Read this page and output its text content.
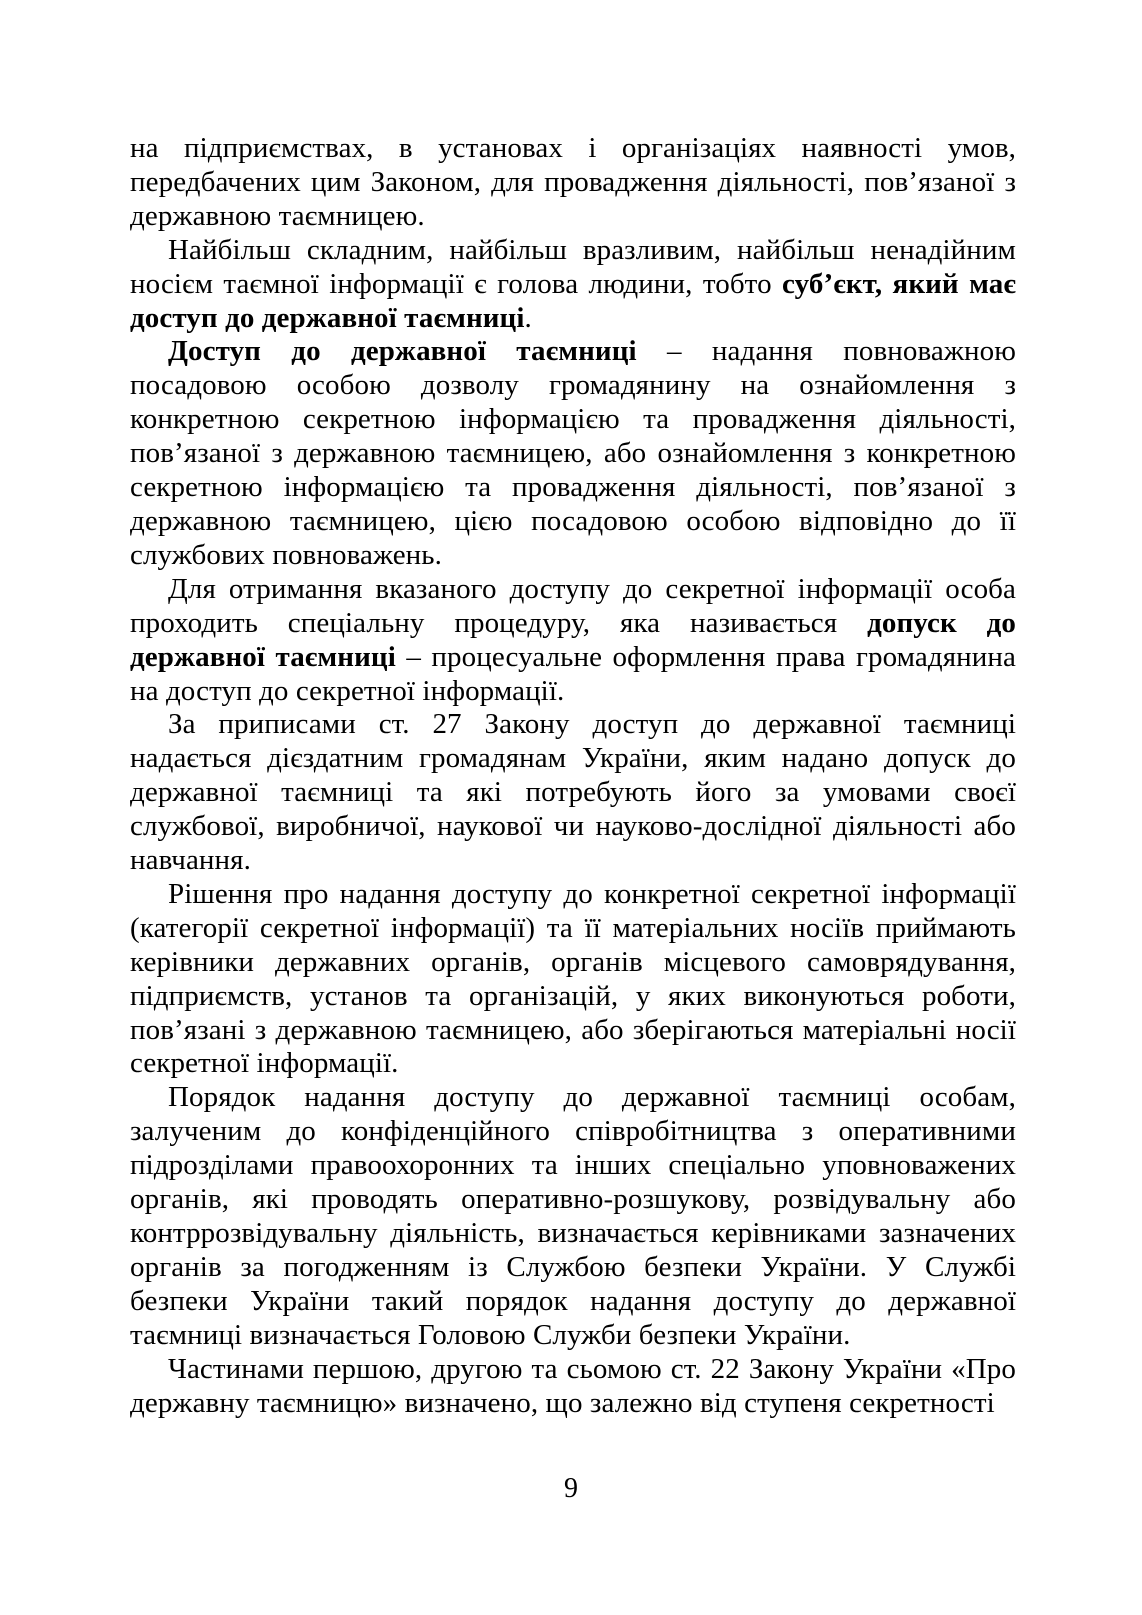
на підприємствах, в установах і організаціях наявності умов, передбачених цим Законом, для провадження діяльності, пов’язаної з державною таємницею.

Найбільш складним, найбільш вразливим, найбільш ненадійним носієм таємної інформації є голова людини, тобто суб’єкт, який має доступ до державної таємниці.

Доступ до державної таємниці – надання повноважною посадовою особою дозволу громадянину на ознайомлення з конкретною секретною інформацією та провадження діяльності, пов’язаної з державною таємницею, або ознайомлення з конкретною секретною інформацією та провадження діяльності, пов’язаної з державною таємницею, цією посадовою особою відповідно до її службових повноважень.

Для отримання вказаного доступу до секретної інформації особа проходить спеціальну процедуру, яка називається допуск до державної таємниці – процесуальне оформлення права громадянина на доступ до секретної інформації.

За приписами ст. 27 Закону доступ до державної таємниці надається дієздатним громадянам України, яким надано допуск до державної таємниці та які потребують його за умовами своєї службової, виробничої, наукової чи науково-дослідної діяльності або навчання.

Рішення про надання доступу до конкретної секретної інформації (категорії секретної інформації) та її матеріальних носіїв приймають керівники державних органів, органів місцевого самоврядування, підприємств, установ та організацій, у яких виконуються роботи, пов’язані з державною таємницею, або зберігаються матеріальні носії секретної інформації.

Порядок надання доступу до державної таємниці особам, залученим до конфіденційного співробітництва з оперативними підрозділами правоохоронних та інших спеціально уповноважених органів, які проводять оперативно-розшукову, розвідувальну або контррозвідувальну діяльність, визначається керівниками зазначених органів за погодженням із Службою безпеки України. У Службі безпеки України такий порядок надання доступу до державної таємниці визначається Головою Служби безпеки України.

Частинами першою, другою та сьомою ст. 22 Закону України «Про державну таємницю» визначено, що залежно від ступеня секретності

9
